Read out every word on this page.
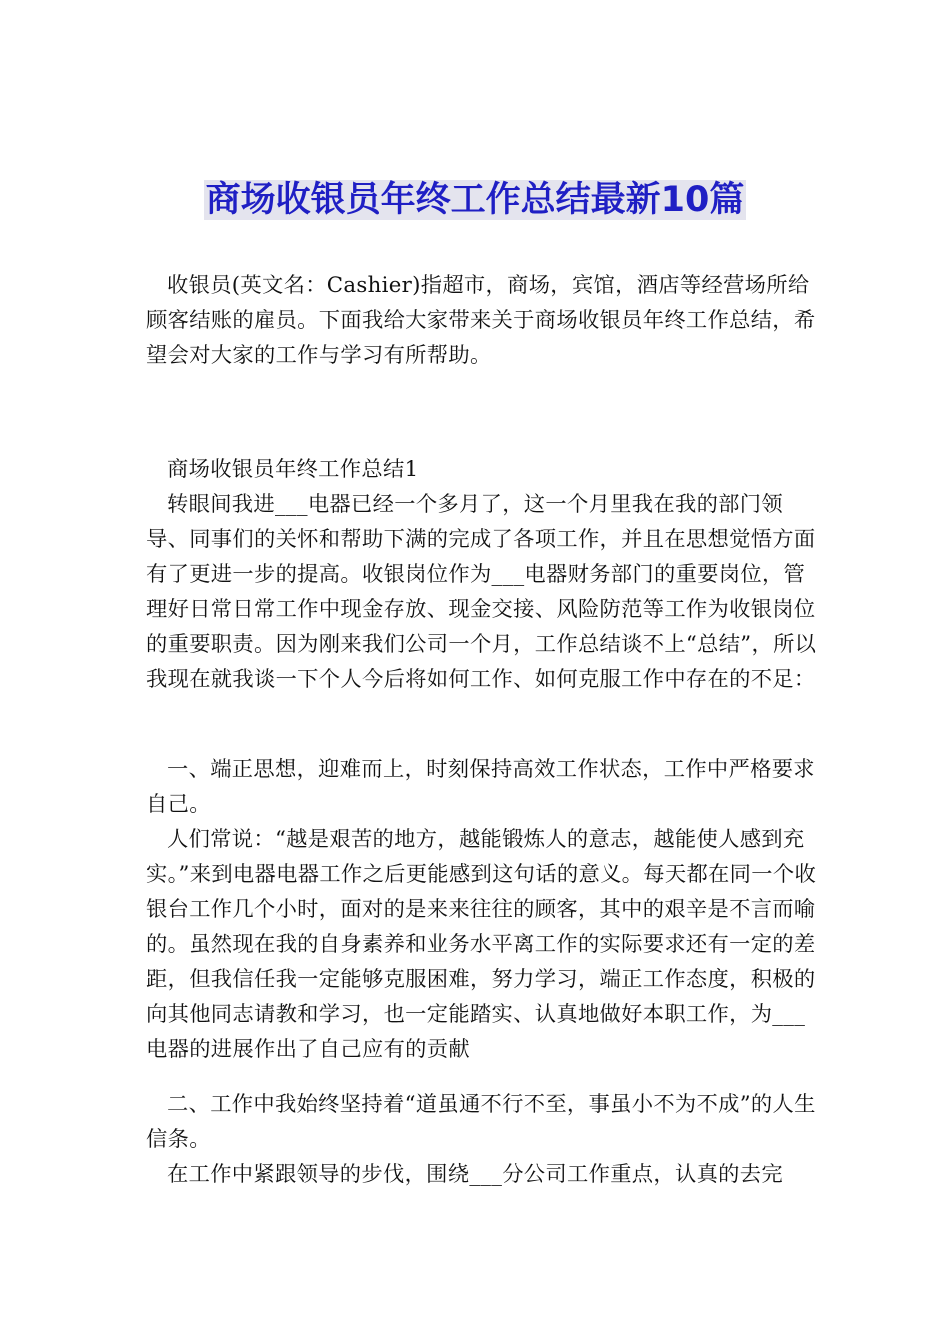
商场收银员年终工作总结最新10篇

收银员(英文名：Cashier)指超市，商场，宾馆，酒店等经营场所给顾客结账的雇员。下面我给大家带来关于商场收银员年终工作总结，希望会对大家的工作与学习有所帮助。

商场收银员年终工作总结1

转眼间我进___电器已经一个多月了，这一个月里我在我的部门领导、同事们的关怀和帮助下满的完成了各项工作，并且在思想觉悟方面有了更进一步的提高。收银岗位作为___电器财务部门的重要岗位，管理好日常日常工作中现金存放、现金交接、风险防范等工作为收银岗位的重要职责。因为刚来我们公司一个月，工作总结谈不上“总结”，所以我现在就我谈一下个人今后将如何工作、如何克服工作中存在的不足：

一、端正思想，迎难而上，时刻保持高效工作状态，工作中严格要求自己。

人们常说：“越是艰苦的地方，越能锻炼人的意志，越能使人感到充实。”来到电器电器工作之后更能感到这句话的意义。每天都在同一个收银台工作几个小时，面对的是来来往往的顾客，其中的艰辛是不言而喻的。虽然现在我的自身素养和业务水平离工作的实际要求还有一定的差距，但我信任我一定能够克服困难，努力学习，端正工作态度，积极的向其他同志请教和学习，也一定能踏实、认真地做好本职工作，为___电器的进展作出了自己应有的贡献

二、工作中我始终坚持着“道虽通不行不至，事虽小不为不成”的人生信条。

在工作中紧跟领导的步伐，围绕___分公司工作重点，认真的去完
